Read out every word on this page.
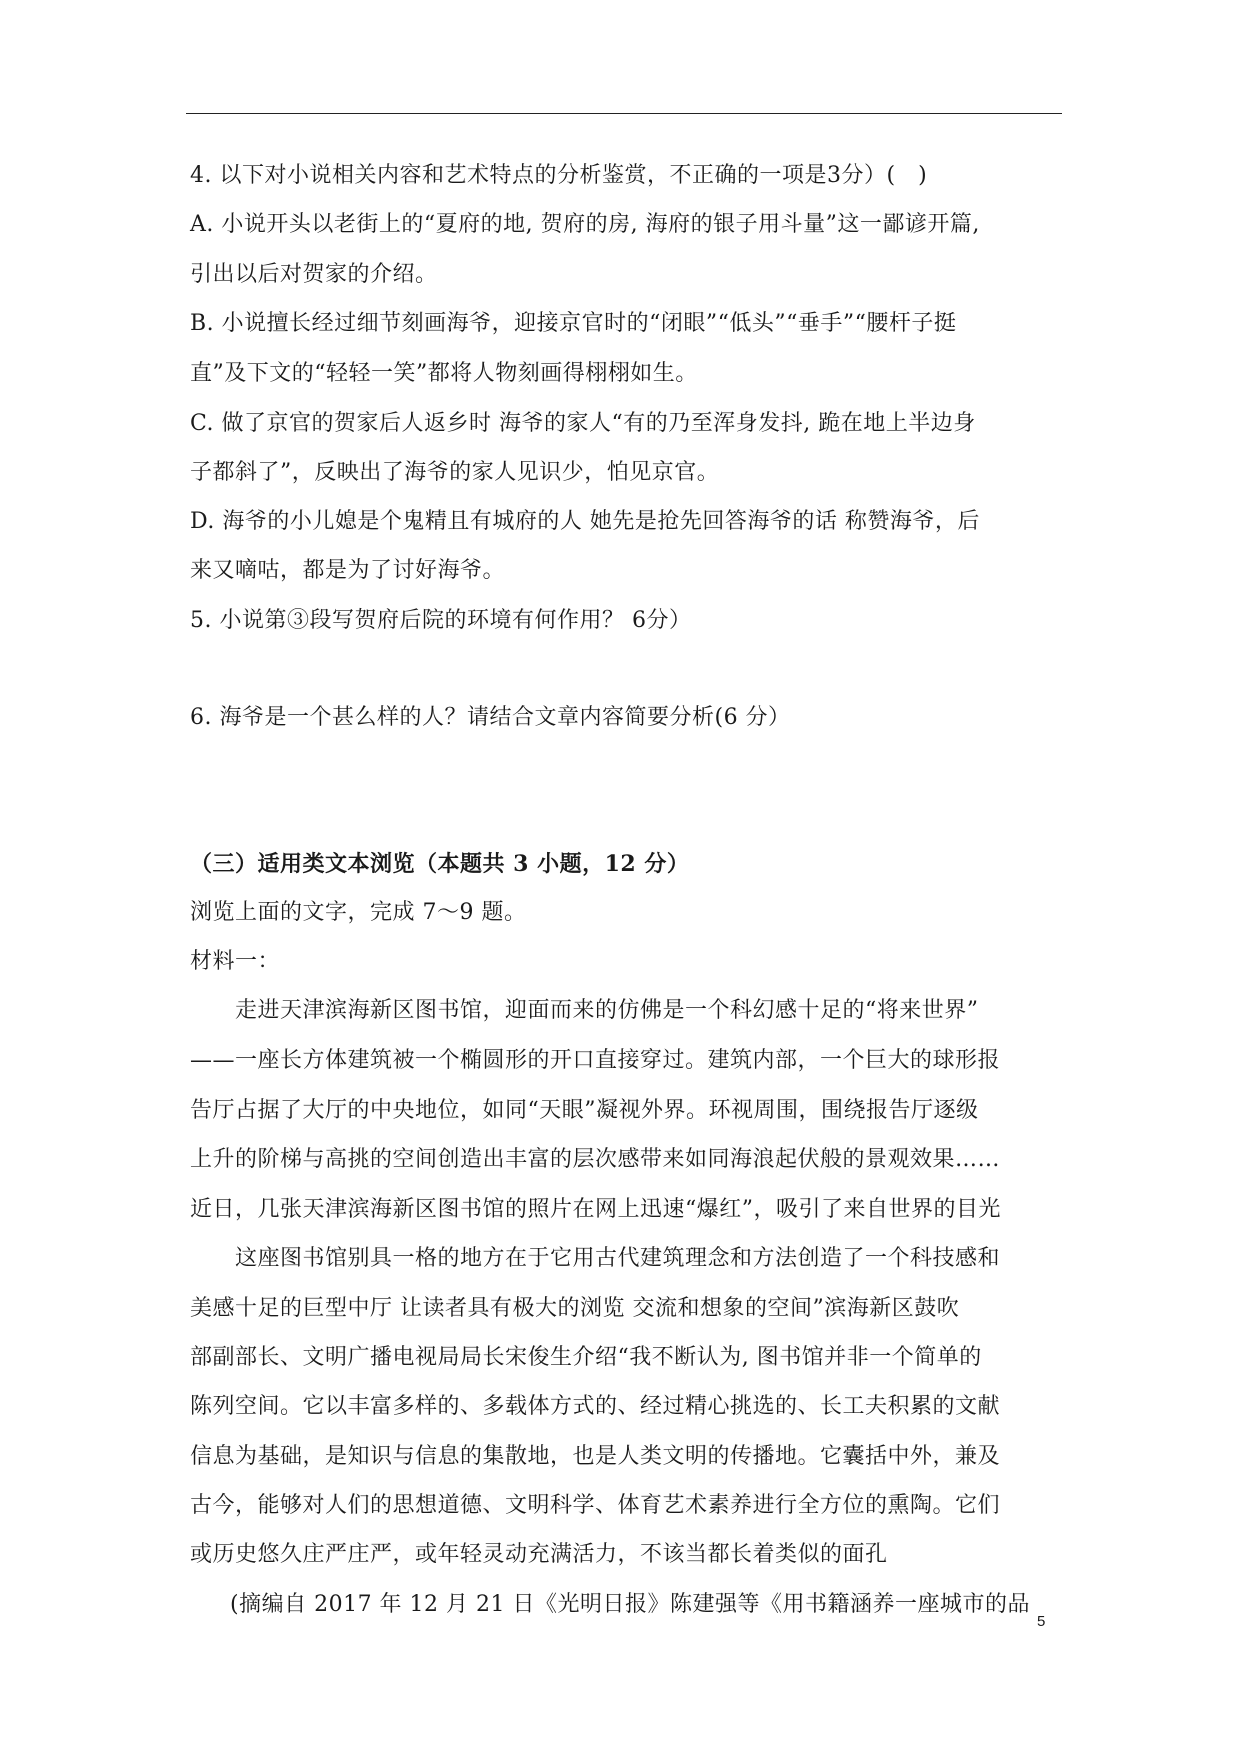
4. 以下对小说相关内容和艺术特点的分析鉴赏，不正确的一项是3分）(　)
A. 小说开头以老街上的“夏府的地, 贺府的房, 海府的银子用斗量”这一鄙谚开篇,
引出以后对贺家的介绍。
B. 小说擅长经过细节刻画海爷，迎接京官时的“闭眼”“低头”“垂手”“腰杆子挺
直”及下文的“轻轻一笑”都将人物刻画得栩栩如生。
C. 做了京官的贺家后人返乡时 海爷的家人“有的乃至浑身发抖, 跪在地上半边身
子都斜了”，反映出了海爷的家人见识少，怕见京官。
D. 海爷的小儿媳是个鬼精且有城府的人 她先是抢先回答海爷的话 称赞海爷，后
来又嘀咕，都是为了讨好海爷。
5. 小说第③段写贺府后院的环境有何作用？ 6分）
6. 海爷是一个甚么样的人？请结合文章内容简要分析(6 分）
（三）适用类文本浏览（本题共 3 小题，12 分）
浏览上面的文字，完成 7～9 题。
材料一：
走进天津滨海新区图书馆，迎面而来的仿佛是一个科幻感十足的“将来世界”
——一座长方体建筑被一个椭圆形的开口直接穿过。建筑内部，一个巨大的球形报
告厅占据了大厅的中央地位，如同“天眼”凝视外界。环视周围，围绕报告厅逐级
上升的阶梯与高挑的空间创造出丰富的层次感带来如同海浪起伏般的景观效果……
近日，几张天津滨海新区图书馆的照片在网上迅速“爆红”，吸引了来自世界的目光
这座图书馆别具一格的地方在于它用古代建筑理念和方法创造了一个科技感和
美感十足的巨型中厅 让读者具有极大的浏览 交流和想象的空间”滨海新区鼓吹
部副部长、文明广播电视局局长宋俊生介绍“我不断认为, 图书馆并非一个简单的
陈列空间。它以丰富多样的、多载体方式的、经过精心挑选的、长工夫积累的文献
信息为基础，是知识与信息的集散地，也是人类文明的传播地。它囊括中外，兼及
古今，能够对人们的思想道德、文明科学、体育艺术素养进行全方位的熏陶。它们
或历史悠久庄严庄严，或年轻灵动充满活力，不该当都长着类似的面孔
(摘编自 2017 年 12 月 21 日《光明日报》陈建强等《用书籍涵养一座城市的品
5
